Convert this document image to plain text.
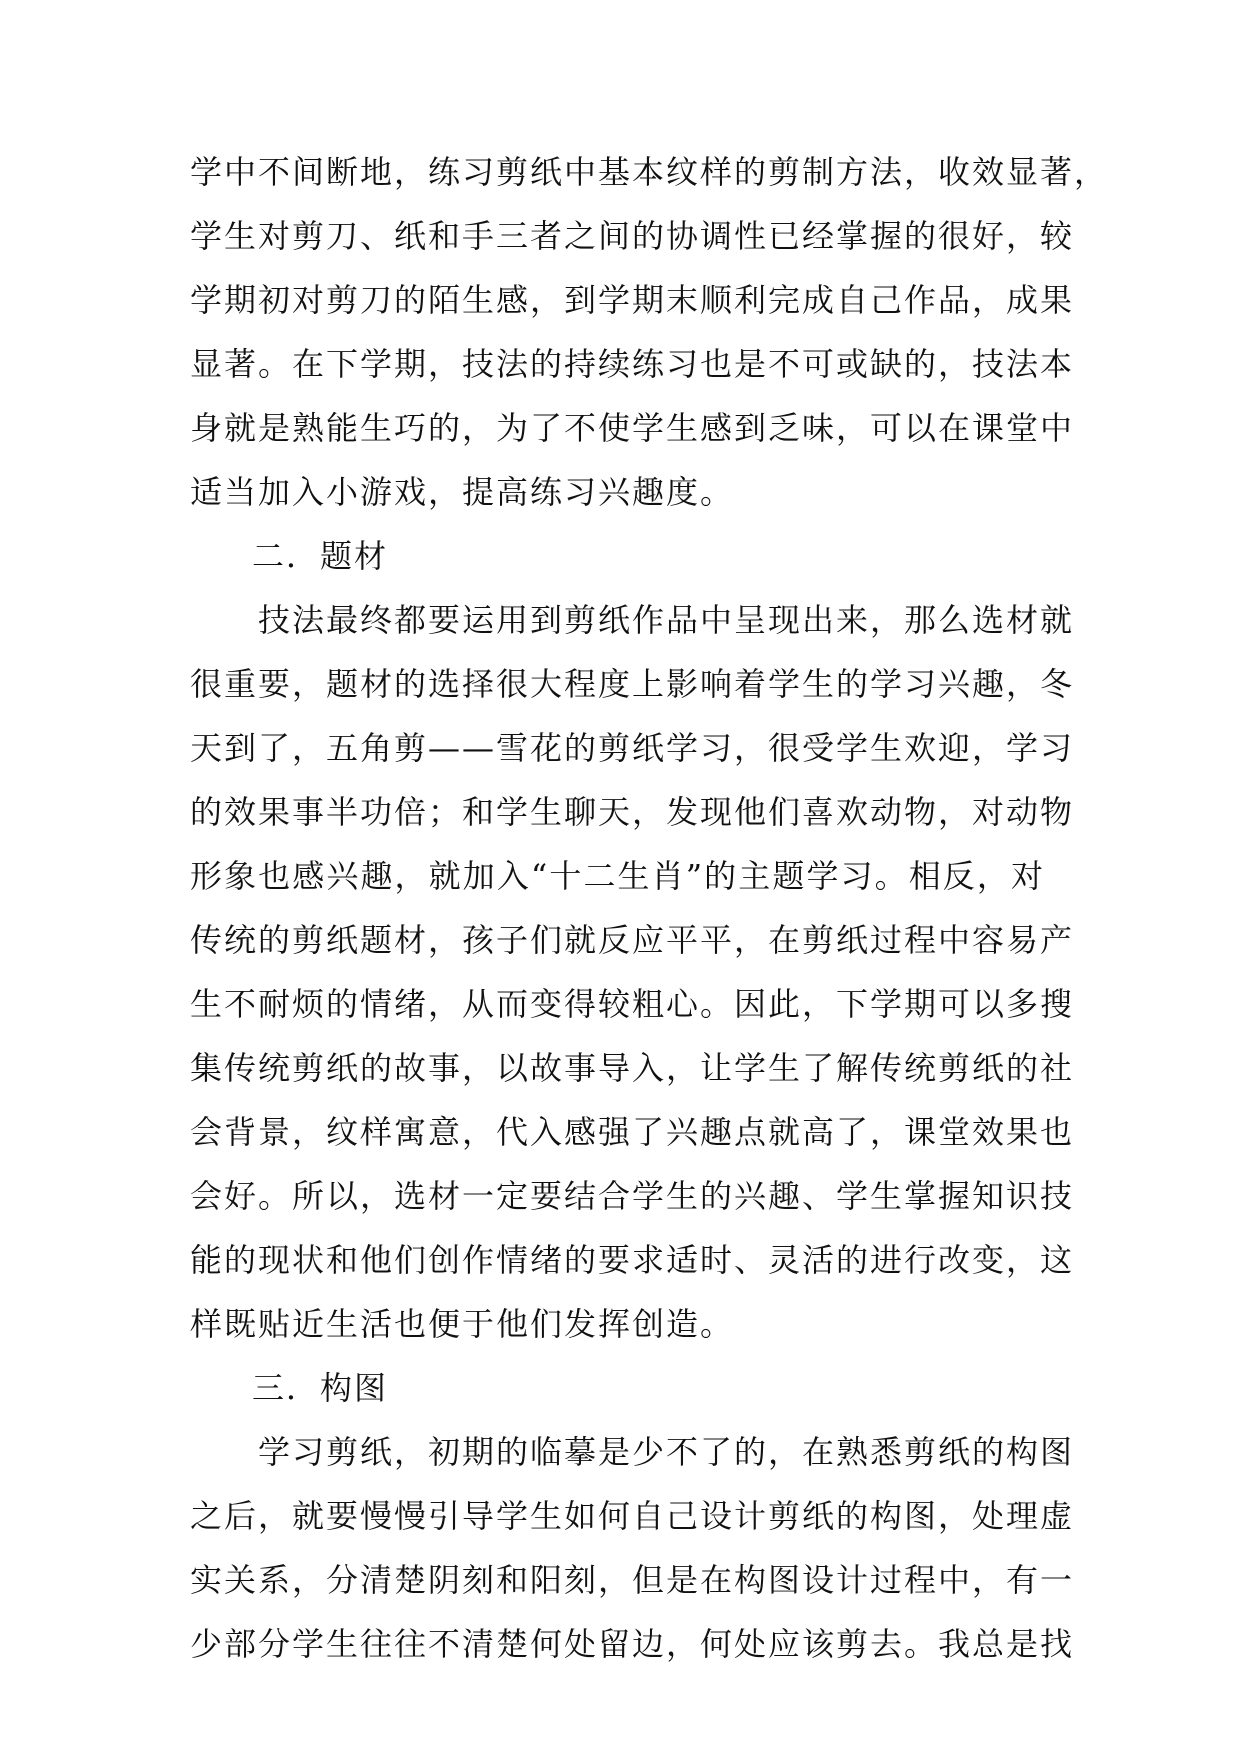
学中不间断地，练习剪纸中基本纹样的剪制方法，收效显著，
学生对剪刀、纸和手三者之间的协调性已经掌握的很好，较
学期初对剪刀的陌生感，到学期末顺利完成自己作品，成果
显著。在下学期，技法的持续练习也是不可或缺的，技法本
身就是熟能生巧的，为了不使学生感到乏味，可以在课堂中
适当加入小游戏，提高练习兴趣度。
二．题材
　　技法最终都要运用到剪纸作品中呈现出来，那么选材就
很重要，题材的选择很大程度上影响着学生的学习兴趣，冬
天到了，五角剪——雪花的剪纸学习，很受学生欢迎，学习
的效果事半功倍；和学生聊天，发现他们喜欢动物，对动物
形象也感兴趣，就加入“十二生肖”的主题学习。相反，对
传统的剪纸题材，孩子们就反应平平，在剪纸过程中容易产
生不耐烦的情绪，从而变得较粗心。因此，下学期可以多搜
集传统剪纸的故事，以故事导入，让学生了解传统剪纸的社
会背景，纹样寓意，代入感强了兴趣点就高了，课堂效果也
会好。所以，选材一定要结合学生的兴趣、学生掌握知识技
能的现状和他们创作情绪的要求适时、灵活的进行改变，这
样既贴近生活也便于他们发挥创造。
三．构图
　　学习剪纸，初期的临摹是少不了的，在熟悉剪纸的构图
之后，就要慢慢引导学生如何自己设计剪纸的构图，处理虚
实关系，分清楚阴刻和阳刻，但是在构图设计过程中，有一
少部分学生往往不清楚何处留边，何处应该剪去。我总是找
